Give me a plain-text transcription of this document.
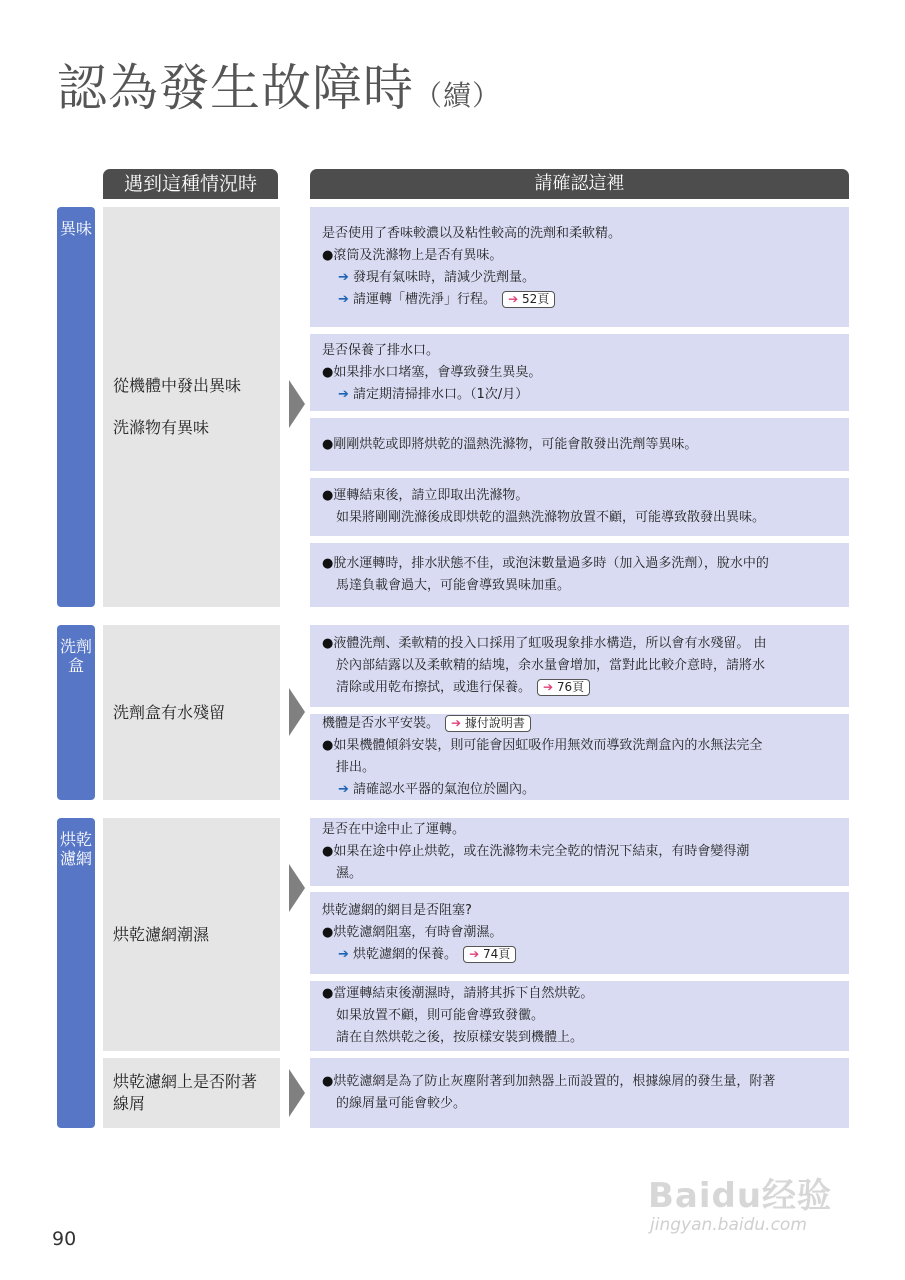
認為發生故障時（續）
遇到這種情況時	請確認這裡
異味
洗劑盒
烘乾濾網
從機體中發出異味
洗滌物有異味
洗劑盒有水殘留
烘乾濾網潮濕
烘乾濾網上是否附著
線屑
是否使用了香味較濃以及粘性較高的洗劑和柔軟精。
●滾筒及洗滌物上是否有異味。
➔ 發現有氣味時，請減少洗劑量。
➔ 請運轉「槽洗淨」行程。 ➔ 52頁
是否保養了排水口。
●如果排水口堵塞，會導致發生異臭。
➔ 請定期清掃排水口。（1次/月）
●剛剛烘乾或即將烘乾的溫熱洗滌物，可能會散發出洗劑等異味。
●運轉結束後，請立即取出洗滌物。
如果將剛剛洗滌後成即烘乾的溫熱洗滌物放置不顧，可能導致散發出異味。
●脫水運轉時，排水狀態不佳，或泡沫數量過多時（加入過多洗劑），脫水中的
馬達負載會過大，可能會導致異味加重。
●液體洗劑、柔軟精的投入口採用了虹吸現象排水構造，所以會有水殘留。 由
於內部結露以及柔軟精的結塊，余水量會增加，當對此比較介意時，請將水
清除或用乾布擦拭，或進行保養。 ➔ 76頁
機體是否水平安裝。 ➔ 據付說明書
●如果機體傾斜安裝，則可能會因虹吸作用無效而導致洗劑盒內的水無法完全
排出。
➔ 請確認水平器的氣泡位於圖內。
是否在中途中止了運轉。
●如果在途中停止烘乾，或在洗滌物未完全乾的情況下結束，有時會變得潮
濕。
烘乾濾網的網目是否阻塞?
●烘乾濾網阻塞，有時會潮濕。
➔ 烘乾濾網的保養。 ➔ 74頁
●當運轉結束後潮濕時，請將其拆下自然烘乾。
如果放置不顧，則可能會導致發黴。
請在自然烘乾之後，按原樣安裝到機體上。
●烘乾濾網是為了防止灰塵附著到加熱器上而設置的，根據線屑的發生量，附著
的線屑量可能會較少。
90
Baidu经验
jingyan.baidu.com
